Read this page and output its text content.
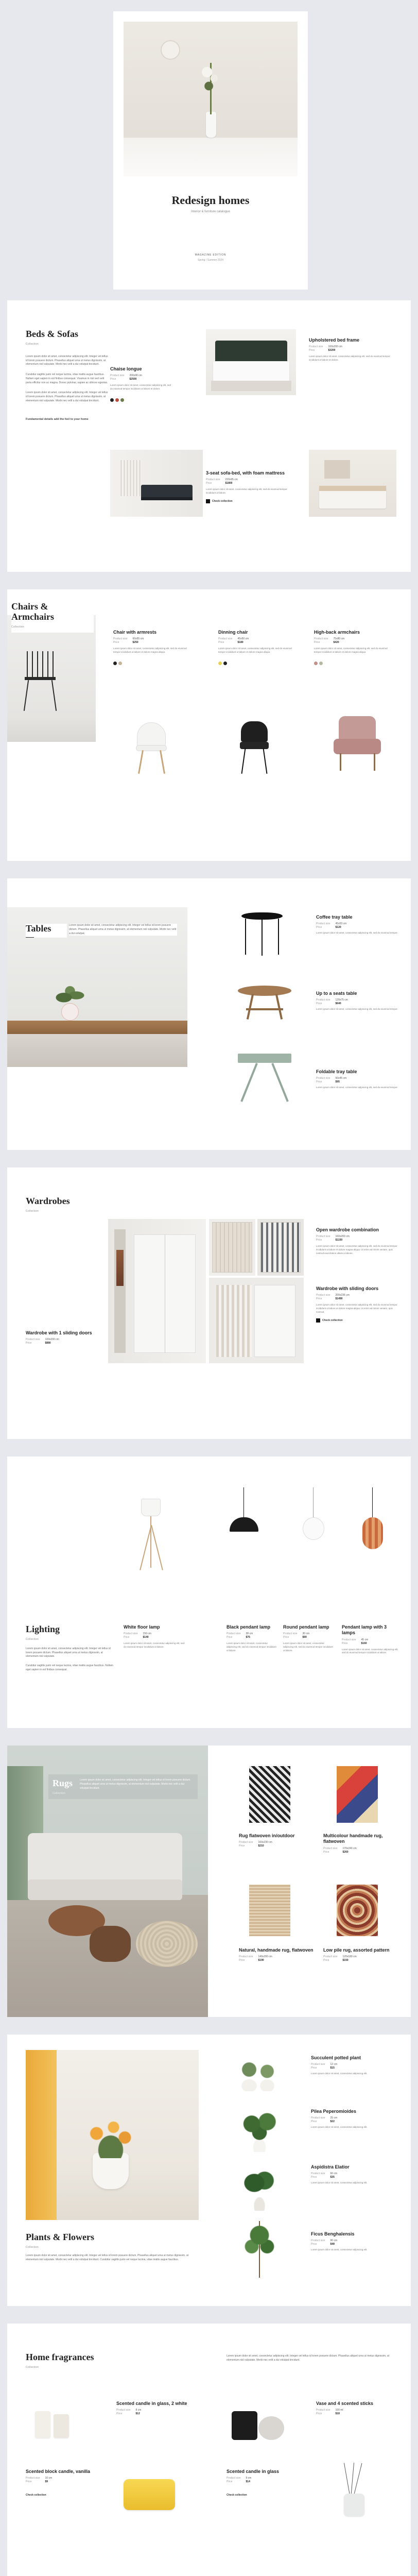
Redesign homes
Interior & furniture catalogue
MAGAZINE EDITION
Spring / Summer 2024
Beds & Sofas
Collection

Lorem ipsum dolor sit amet, consectetur adipiscing elit. Integer vel tellus id lorem posuere dictum. Phasellus aliquet urna ut metus dignissim, at elementum nisl vulputate. Morbi nec velit a dui volutpat tincidunt.

Curabitur sagittis justo vel neque lacinia, vitae mattis augue faucibus. Nullam eget sapien in est finibus consequat. Vivamus in nisl sed velit porta efficitur non ac magna. Donec pulvinar, sapien ac ultrices egestas.

Lorem ipsum dolor sit amet, consectetur adipiscing elit. Integer vel tellus id lorem posuere dictum. Phasellus aliquet urna ut metus dignissim, at elementum nisl vulputate. Morbi nec velit a dui volutpat tincidunt.

Fundamental details add the feel to your home
Chaise longue
Product size 200x90 cm
Price	$2500

Lorem ipsum dolor sit amet, consectetur adipiscing elit, sed do eiusmod tempor incididunt ut labore et dolore.

Upholstered bed frame
Product size 160x200 cm
Price	$3200

Lorem ipsum dolor sit amet, consectetur adipiscing elit, sed do eiusmod tempor incididunt ut labore et dolore.

3-seat sofa-bed, with foam mattress
Product size 220x95 cm
Price	$1800

Lorem ipsum dolor sit amet, consectetur adipiscing elit, sed do eiusmod tempor incididunt ut labore.

Check collection
Chairs & Armchairs
Collection
Chair with armrests
Product size 60x55 cm
Price	$250

Lorem ipsum dolor sit amet, consectetur adipiscing elit, sed do eiusmod tempor incididunt ut labore et dolore magna aliqua.

Dinning chair
Product size 45x50 cm
Price	$180

Lorem ipsum dolor sit amet, consectetur adipiscing elit, sed do eiusmod tempor incididunt ut labore et dolore magna aliqua.

High-back armchairs
Product size 75x80 cm
Price	$420

Lorem ipsum dolor sit amet, consectetur adipiscing elit, sed do eiusmod tempor incididunt ut labore et dolore magna aliqua.

Tables	Lorem ipsum dolor sit amet, consectetur adipiscing elit. Integer vel tellus id lorem posuere dictum. Phasellus aliquet urna ut metus dignissim, at elementum nisl vulputate. Morbi nec velit a dui volutpat.

Coffee tray table
Product size 45x53 cm
Price	$120

Lorem ipsum dolor sit amet, consectetur adipiscing elit, sed do eiusmod tempor.

Up to a seats table
Product size 120x75 cm
Price	$640

Lorem ipsum dolor sit amet, consectetur adipiscing elit, sed do eiusmod tempor.

Foldable tray table
Product size 50x45 cm
Price	$95

Lorem ipsum dolor sit amet, consectetur adipiscing elit, sed do eiusmod tempor.

Wardrobes
Collection
Wardrobe with 1 sliding doors
Product size 100x200 cm
Price	$880
Open wardrobe combination
Product size 160x200 cm
Price	$1150

Lorem ipsum dolor sit amet, consectetur adipiscing elit, sed do eiusmod tempor incididunt ut labore et dolore magna aliqua. Ut enim ad minim veniam, quis nostrud exercitation ullamco laboris.

Wardrobe with sliding doors
Product size 200x236 cm
Price	$1490

Lorem ipsum dolor sit amet, consectetur adipiscing elit, sed do eiusmod tempor incididunt ut labore et dolore magna aliqua. Ut enim ad minim veniam, quis nostrud.

Check collection
Lighting
Collection

Lorem ipsum dolor sit amet, consectetur adipiscing elit. Integer vel tellus id lorem posuere dictum. Phasellus aliquet urna ut metus dignissim, at elementum nisl vulputate.

Curabitur sagittis justo vel neque lacinia, vitae mattis augue faucibus. Nullam eget sapien in est finibus consequat.

White floor lamp
Product size 150 cm
Price	$140

Lorem ipsum dolor sit amet, consectetur adipiscing elit, sed do eiusmod tempor incididunt ut labore.

Black pendant lamp
Product size 38 cm
Price	$75

Lorem ipsum dolor sit amet, consectetur adipiscing elit, sed do eiusmod tempor incididunt ut labore.

Round pendant lamp
Product size 30 cm
Price	$90

Lorem ipsum dolor sit amet, consectetur adipiscing elit, sed do eiusmod tempor incididunt ut labore.

Pendant lamp with 3 lamps
Product size 45 cm
Price	$160

Lorem ipsum dolor sit amet, consectetur adipiscing elit, sed do eiusmod tempor incididunt ut labore.

Rugs
Collection

Lorem ipsum dolor sit amet, consectetur adipiscing elit. Integer vel tellus id lorem posuere dictum. Phasellus aliquet urna ut metus dignissim, at elementum nisl vulputate. Morbi nec velit a dui volutpat tincidunt.

Rug flatwoven in/outdoor
Product size 160x230 cm
Price	$210
Multicolour handmade rug, flatwoven
Product size 170x240 cm
Price	$260
Natural, handmade rug, flatwoven
Product size 140x200 cm
Price	$190
Low pile rug, assorted pattern
Product size 120x180 cm
Price	$150
Plants & Flowers
Collection

Lorem ipsum dolor sit amet, consectetur adipiscing elit. Integer vel tellus id lorem posuere dictum. Phasellus aliquet urna ut metus dignissim, at elementum nisl vulputate. Morbi nec velit a dui volutpat tincidunt. Curabitur sagittis justo vel neque lacinia, vitae mattis augue faucibus.

Succulent potted plant
Product size 12 cm
Price	$15

Lorem ipsum dolor sit amet, consectetur adipiscing elit.

Pilea Peperomioides
Product size 25 cm
Price	$22

Lorem ipsum dolor sit amet, consectetur adipiscing elit.

Aspidistra Elatior
Product size 60 cm
Price	$35

Lorem ipsum dolor sit amet, consectetur adipiscing elit.

Ficus Benghalensis
Product size 90 cm
Price	$48

Lorem ipsum dolor sit amet, consectetur adipiscing elit.

Home fragrances
Collection

Lorem ipsum dolor sit amet, consectetur adipiscing elit. Integer vel tellus id lorem posuere dictum. Phasellus aliquet urna ut metus dignissim, at elementum nisl vulputate. Morbi nec velit a dui volutpat tincidunt.

Scented candle in glass, 2 white
Product size 8 cm
Price	$12
Vase and 4 scented sticks
Product size 100 ml
Price	$18
Scented block candle, vanilla
Product size 10 cm
Price	$9
Check collection
Scented candle in glass
Product size 9 cm
Price	$14
Check collection
